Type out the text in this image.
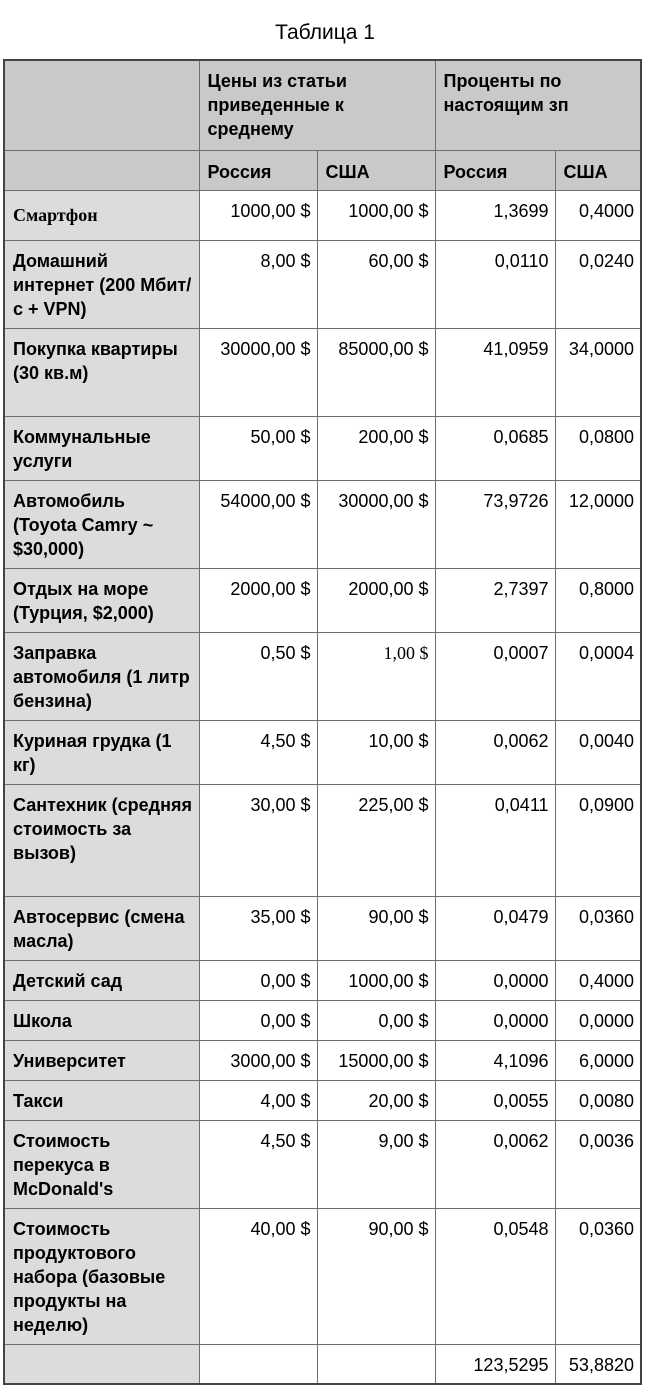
Таблица 1
	Цены из статьи приведенные к среднему		Проценты по настоящим зп	
	Россия	США	Россия	США
Смартфон	1000,00 $	1000,00 $	1,3699	0,4000
Домашний интернет (200 Мбит/с + VPN)	8,00 $	60,00 $	0,0110	0,0240
Покупка квартиры (30 кв.м)	30000,00 $	85000,00 $	41,0959	34,0000
Коммунальные услуги	50,00 $	200,00 $	0,0685	0,0800
Автомобиль (Toyota Camry ~ $30,000)	54000,00 $	30000,00 $	73,9726	12,0000
Отдых на море (Турция, $2,000)	2000,00 $	2000,00 $	2,7397	0,8000
Заправка автомобиля (1 литр бензина)	0,50 $	1,00 $	0,0007	0,0004
Куриная грудка (1 кг)	4,50 $	10,00 $	0,0062	0,0040
Сантехник (средняя стоимость за вызов)	30,00 $	225,00 $	0,0411	0,0900
Автосервис (смена масла)	35,00 $	90,00 $	0,0479	0,0360
Детский сад	0,00 $	1000,00 $	0,0000	0,4000
Школа	0,00 $	0,00 $	0,0000	0,0000
Университет	3000,00 $	15000,00 $	4,1096	6,0000
Такси	4,00 $	20,00 $	0,0055	0,0080
Стоимость перекуса в McDonald's	4,50 $	9,00 $	0,0062	0,0036
Стоимость продуктового набора (базовые продукты на неделю)	40,00 $	90,00 $	0,0548	0,0360
			123,5295	53,8820
